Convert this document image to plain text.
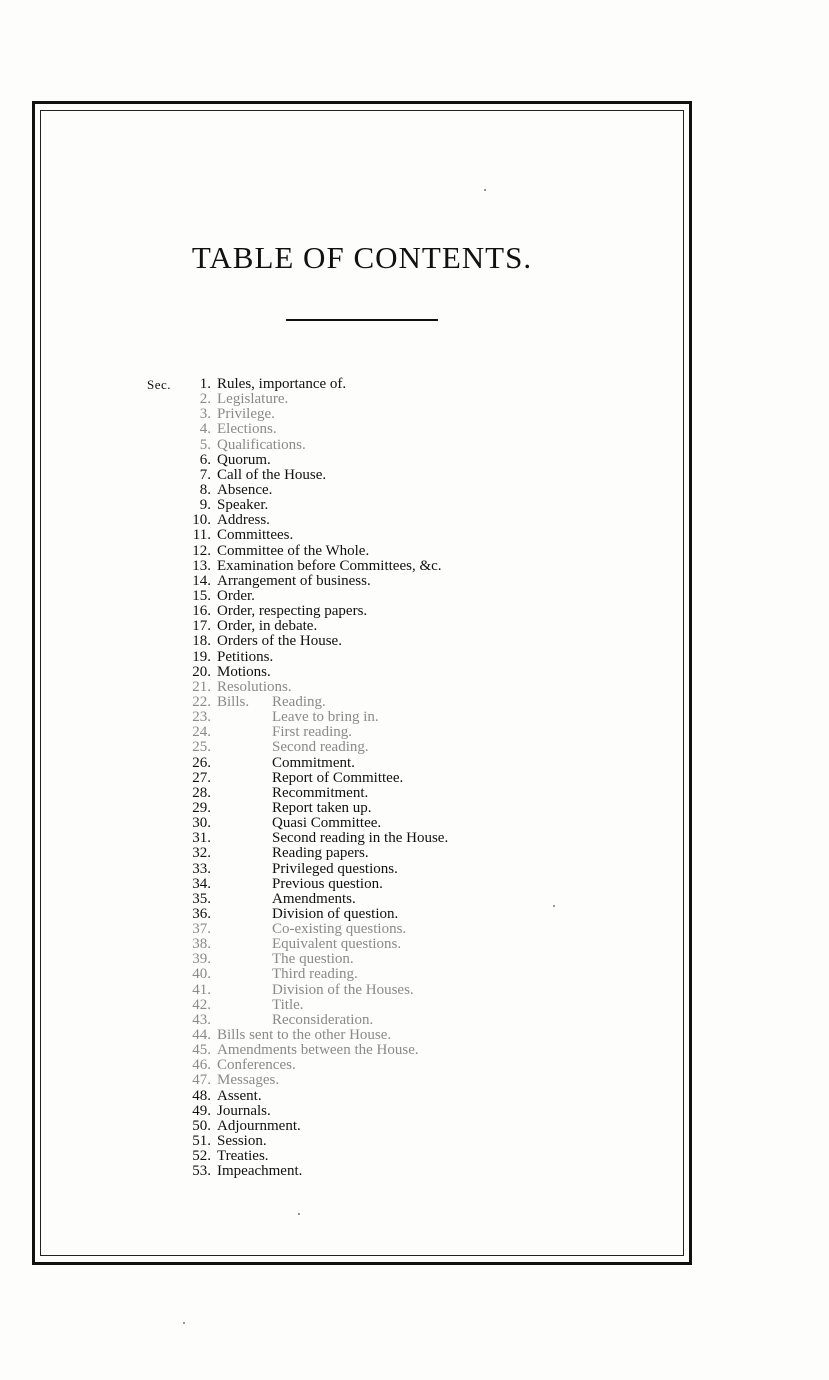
TABLE OF CONTENTS.
Sec. 1. Rules, importance of.
2. Legislature.
3. Privilege.
4. Elections.
5. Qualifications.
6. Quorum.
7. Call of the House.
8. Absence.
9. Speaker.
10. Address.
11. Committees.
12. Committee of the Whole.
13. Examination before Committees, &c.
14. Arrangement of business.
15. Order.
16. Order, respecting papers.
17. Order, in debate.
18. Orders of the House.
19. Petitions.
20. Motions.
21. Resolutions.
22. Bills. Reading.
23.	Leave to bring in.
24.	First reading.
25.	Second reading.
26.	Commitment.
27.	Report of Committee.
28.	Recommitment.
29.	Report taken up.
30.	Quasi Committee.
31.	Second reading in the House.
32.	Reading papers.
33.	Privileged questions.
34.	Previous question.
35.	Amendments.
36.	Division of question.
37.	Co-existing questions.
38.	Equivalent questions.
39.	The question.
40.	Third reading.
41.	Division of the Houses.
42.	Title.
43.	Reconsideration.
44. Bills sent to the other House.
45. Amendments between the House.
46. Conferences.
47. Messages.
48. Assent.
49. Journals.
50. Adjournment.
51. Session.
52. Treaties.
53. Impeachment.
